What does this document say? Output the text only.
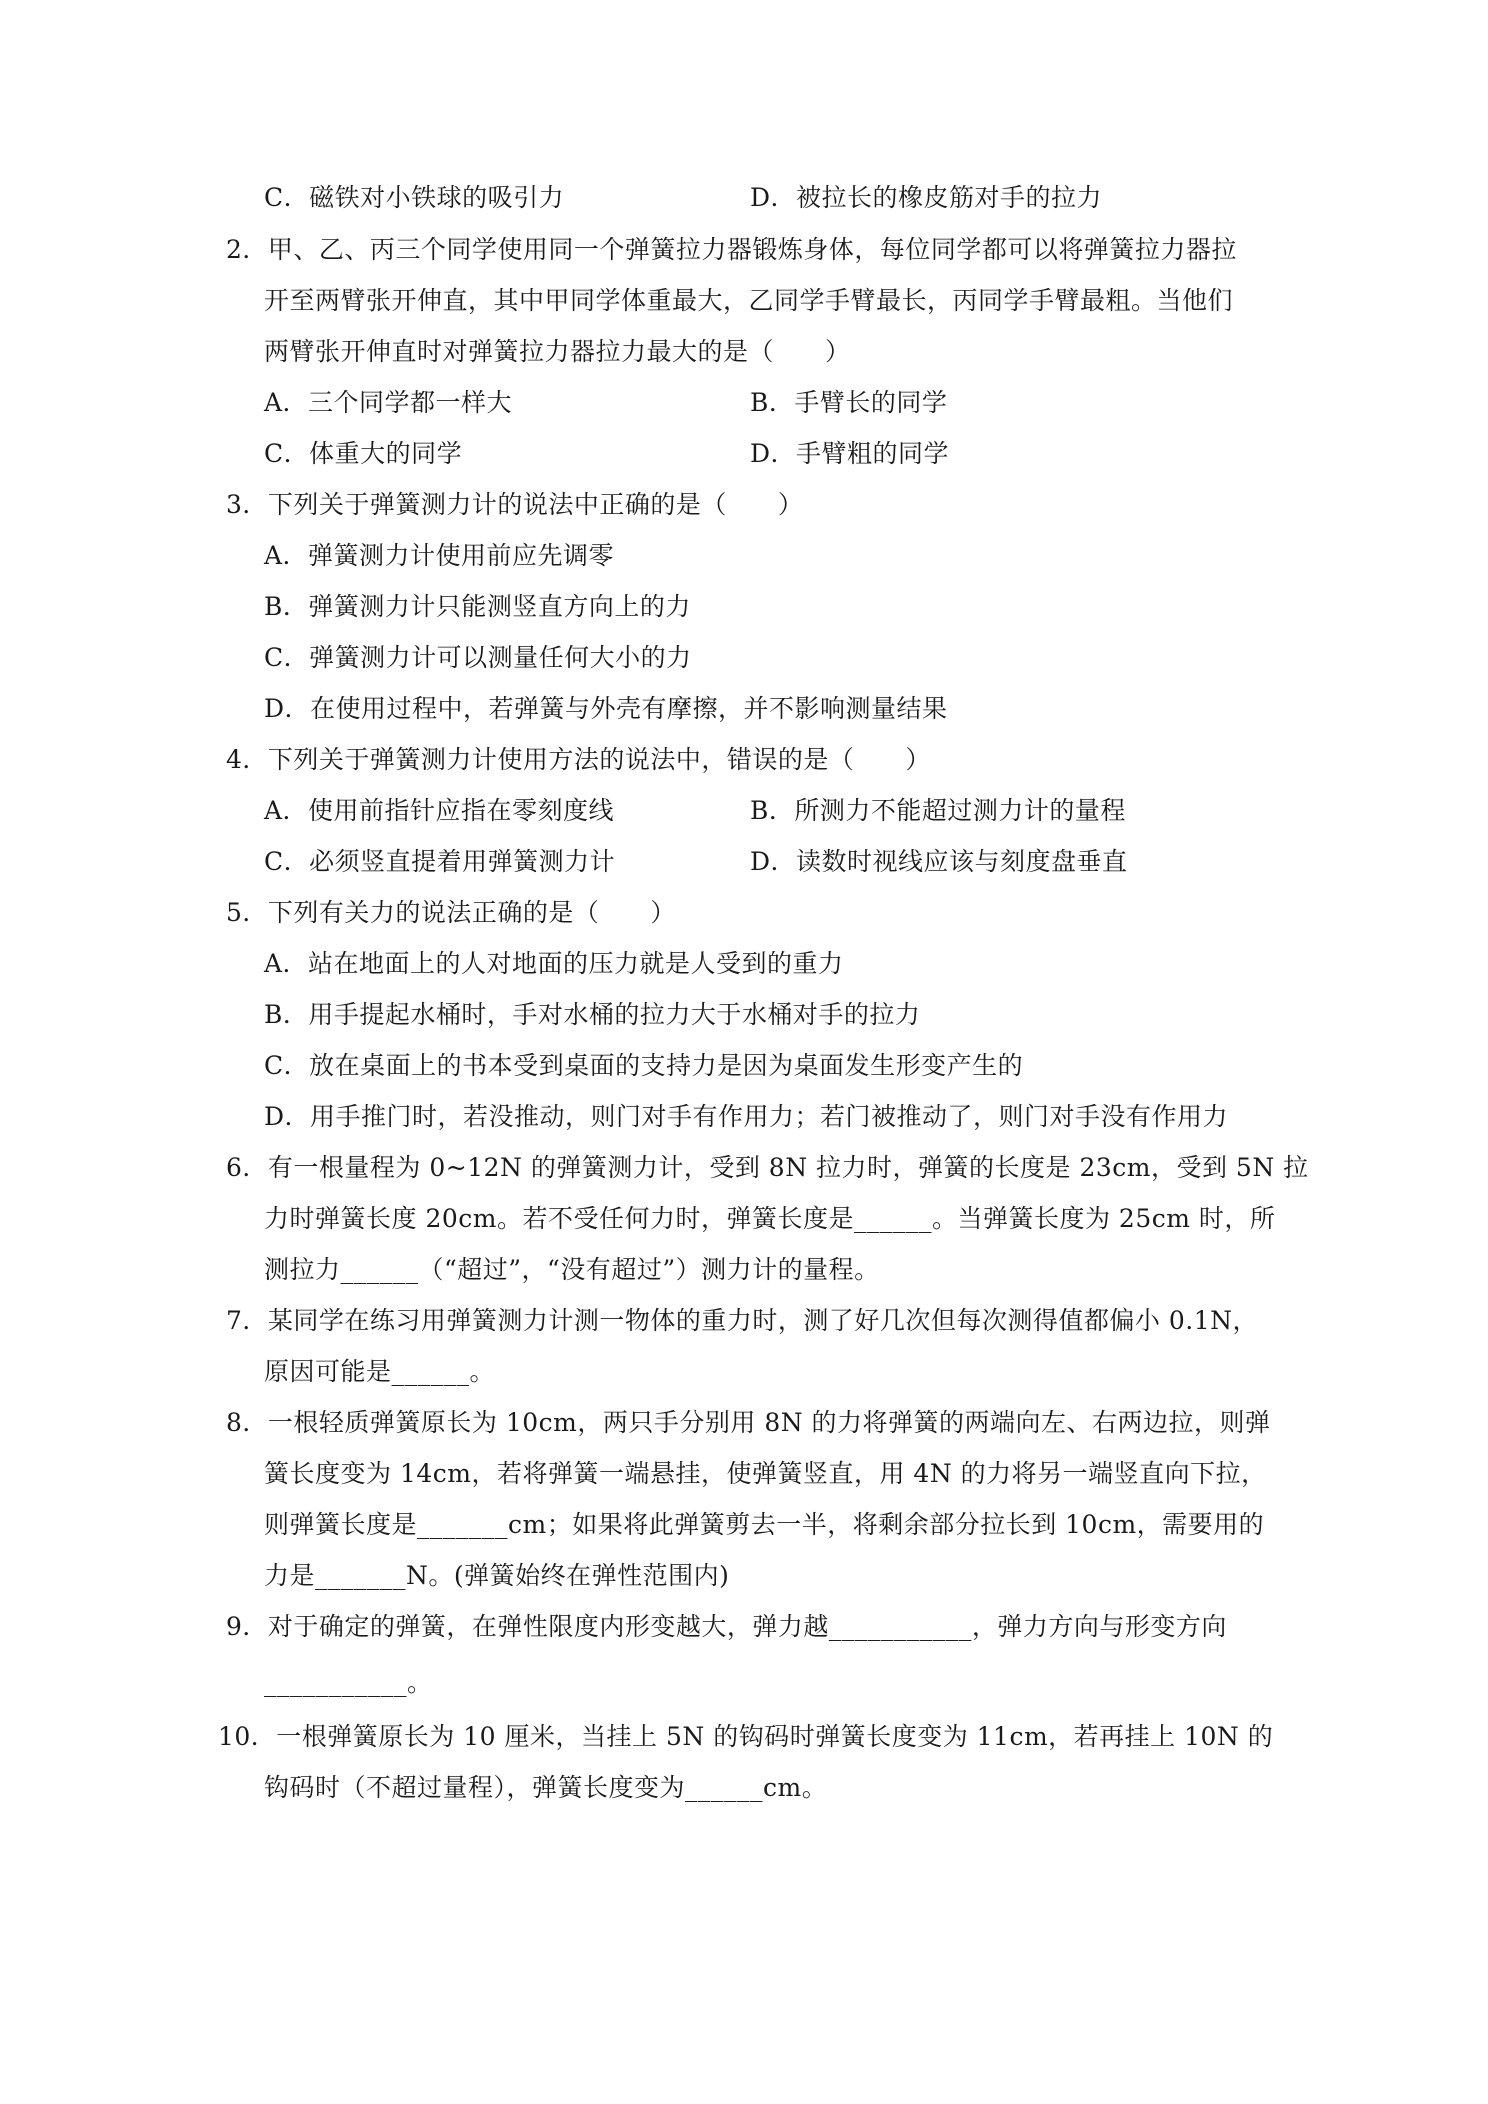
C．磁铁对小铁球的吸引力	D．被拉长的橡皮筋对手的拉力
2．甲、乙、丙三个同学使用同一个弹簧拉力器锻炼身体，每位同学都可以将弹簧拉力器拉
开至两臂张开伸直，其中甲同学体重最大，乙同学手臂最长，丙同学手臂最粗。当他们
两臂张开伸直时对弹簧拉力器拉力最大的是（　　）
A．三个同学都一样大	B．手臂长的同学
C．体重大的同学	D．手臂粗的同学
3．下列关于弹簧测力计的说法中正确的是（　　）
A．弹簧测力计使用前应先调零
B．弹簧测力计只能测竖直方向上的力
C．弹簧测力计可以测量任何大小的力
D．在使用过程中，若弹簧与外壳有摩擦，并不影响测量结果
4．下列关于弹簧测力计使用方法的说法中，错误的是（　　）
A．使用前指针应指在零刻度线	B．所测力不能超过测力计的量程
C．必须竖直提着用弹簧测力计	D．读数时视线应该与刻度盘垂直
5．下列有关力的说法正确的是（　　）
A．站在地面上的人对地面的压力就是人受到的重力
B．用手提起水桶时，手对水桶的拉力大于水桶对手的拉力
C．放在桌面上的书本受到桌面的支持力是因为桌面发生形变产生的
D．用手推门时，若没推动，则门对手有作用力；若门被推动了，则门对手没有作用力
6．有一根量程为 0~12N 的弹簧测力计，受到 8N 拉力时，弹簧的长度是 23cm，受到 5N 拉
力时弹簧长度 20cm。若不受任何力时，弹簧长度是______。当弹簧长度为 25cm 时，所
测拉力______（“超过”，“没有超过”）测力计的量程。
7．某同学在练习用弹簧测力计测一物体的重力时，测了好几次但每次测得值都偏小 0.1N，
原因可能是______。
8．一根轻质弹簧原长为 10cm，两只手分别用 8N 的力将弹簧的两端向左、右两边拉，则弹
簧长度变为 14cm，若将弹簧一端悬挂，使弹簧竖直，用 4N 的力将另一端竖直向下拉，
则弹簧长度是_______cm；如果将此弹簧剪去一半，将剩余部分拉长到 10cm，需要用的
力是_______N。(弹簧始终在弹性范围内)
9．对于确定的弹簧，在弹性限度内形变越大，弹力越___________，弹力方向与形变方向
___________。
10．一根弹簧原长为 10 厘米，当挂上 5N 的钩码时弹簧长度变为 11cm，若再挂上 10N 的
钩码时（不超过量程），弹簧长度变为______cm。
